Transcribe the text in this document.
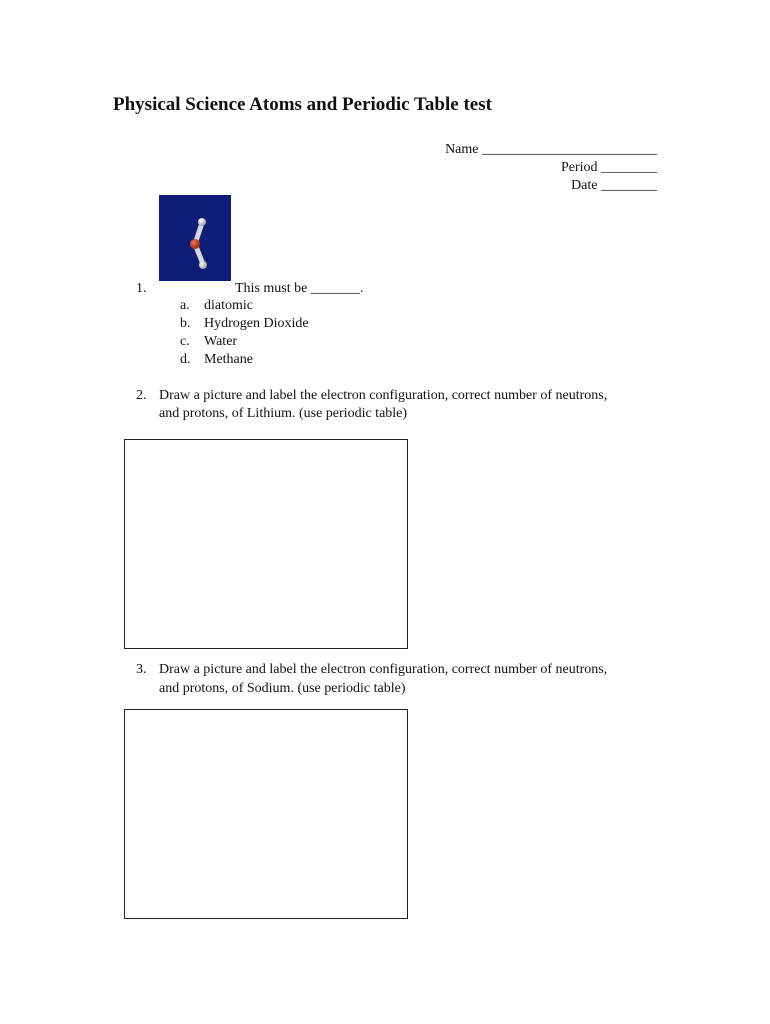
Physical Science Atoms and Periodic Table test
Name _________________________
Period ________
Date ________
1.	This must be _______.
a. diatomic
b. Hydrogen Dioxide
c. Water
d. Methane
2. Draw a picture and label the electron configuration, correct number of neutrons,
and protons, of Lithium. (use periodic table)
3. Draw a picture and label the electron configuration, correct number of neutrons,
and protons, of Sodium. (use periodic table)
